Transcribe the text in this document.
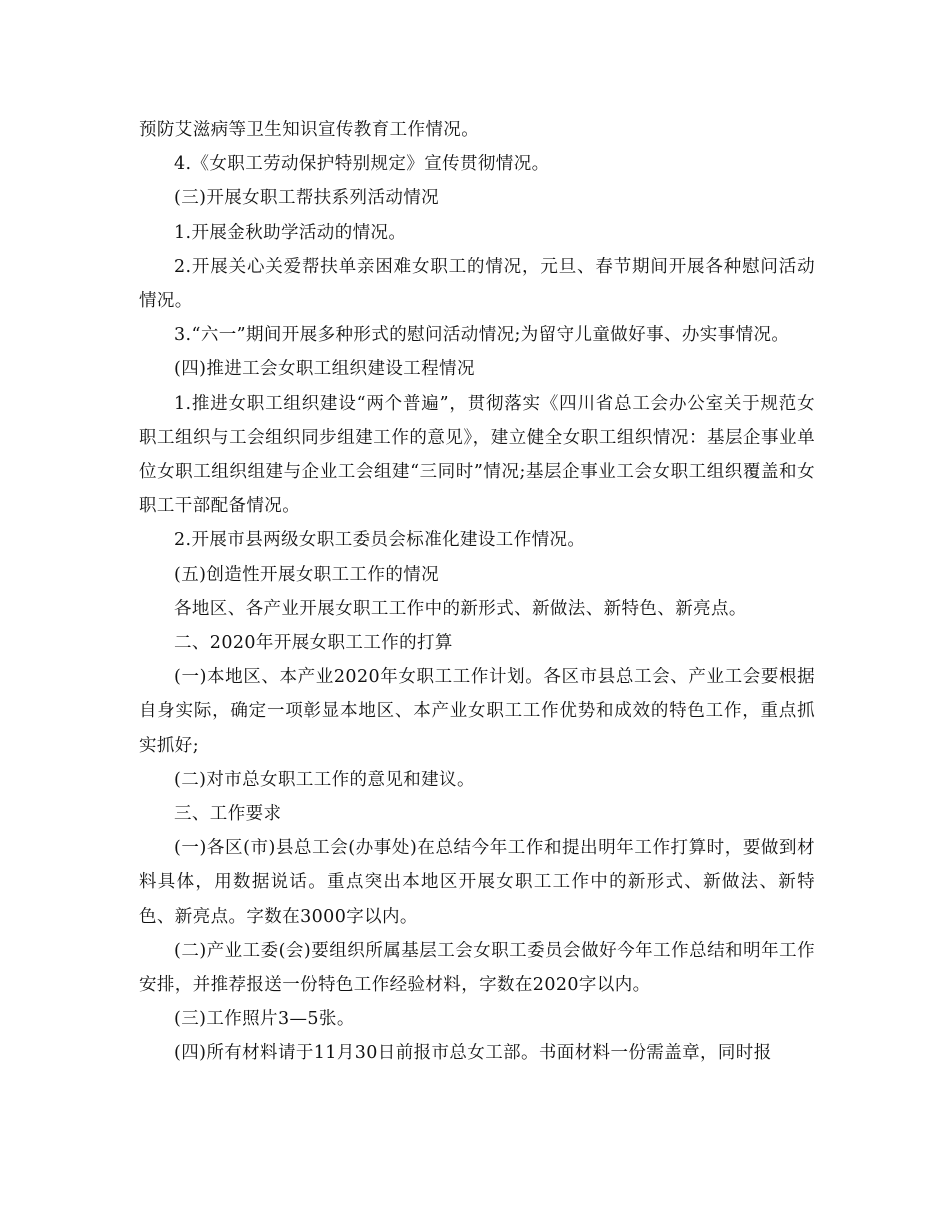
预防艾滋病等卫生知识宣传教育工作情况。

4.《女职工劳动保护特别规定》宣传贯彻情况。

(三)开展女职工帮扶系列活动情况

1.开展金秋助学活动的情况。

2.开展关心关爱帮扶单亲困难女职工的情况，元旦、春节期间开展各种慰问活动情况。

3.“六一”期间开展多种形式的慰问活动情况;为留守儿童做好事、办实事情况。

(四)推进工会女职工组织建设工程情况

1.推进女职工组织建设“两个普遍”，贯彻落实《四川省总工会办公室关于规范女职工组织与工会组织同步组建工作的意见》，建立健全女职工组织情况：基层企事业单位女职工组织组建与企业工会组建“三同时”情况;基层企事业工会女职工组织覆盖和女职工干部配备情况。

2.开展市县两级女职工委员会标准化建设工作情况。

(五)创造性开展女职工工作的情况

各地区、各产业开展女职工工作中的新形式、新做法、新特色、新亮点。

二、2020年开展女职工工作的打算

(一)本地区、本产业2020年女职工工作计划。各区市县总工会、产业工会要根据自身实际，确定一项彰显本地区、本产业女职工工作优势和成效的特色工作，重点抓实抓好;

(二)对市总女职工工作的意见和建议。

三、工作要求

(一)各区(市)县总工会(办事处)在总结今年工作和提出明年工作打算时，要做到材料具体，用数据说话。重点突出本地区开展女职工工作中的新形式、新做法、新特色、新亮点。字数在3000字以内。

(二)产业工委(会)要组织所属基层工会女职工委员会做好今年工作总结和明年工作安排，并推荐报送一份特色工作经验材料，字数在2020字以内。

(三)工作照片3—5张。

(四)所有材料请于11月30日前报市总女工部。书面材料一份需盖章，同时报
